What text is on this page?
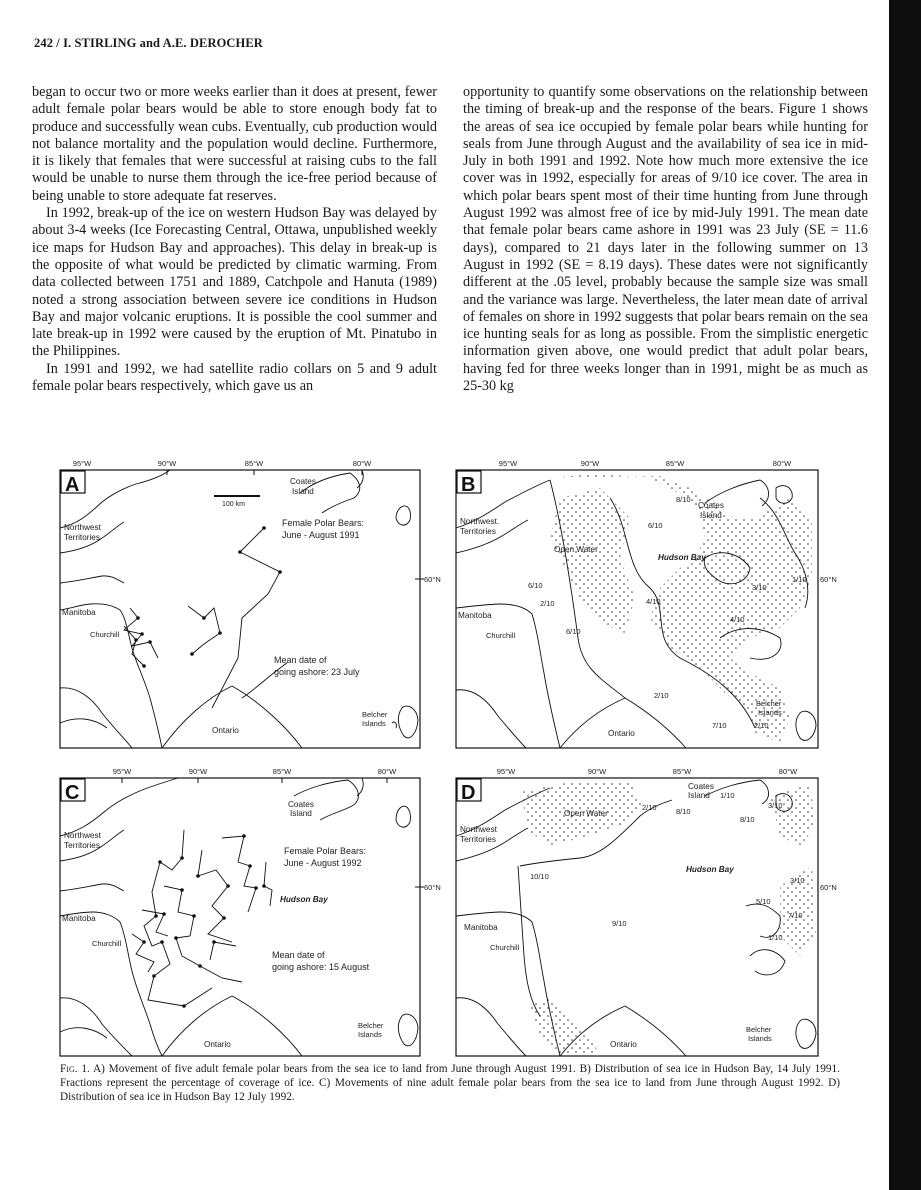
242 / I. STIRLING and A.E. DEROCHER

began to occur two or more weeks earlier than it does at present, fewer adult female polar bears would be able to store enough body fat to produce and successfully wean cubs. Eventually, cub production would not balance mortality and the population would decline. Furthermore, it is likely that females that were successful at raising cubs to the fall would be unable to nurse them through the ice-free period because of being unable to store adequate fat reserves.

In 1992, break-up of the ice on western Hudson Bay was delayed by about 3-4 weeks (Ice Forecasting Central, Ottawa, unpublished weekly ice maps for Hudson Bay and approaches). This delay in break-up is the opposite of what would be predicted by climatic warming. From data collected between 1751 and 1889, Catchpole and Hanuta (1989) noted a strong association between severe ice conditions in Hudson Bay and major volcanic eruptions. It is possible the cool summer and late break-up in 1992 were caused by the eruption of Mt. Pinatubo in the Philippines.

In 1991 and 1992, we had satellite radio collars on 5 and 9 adult female polar bears respectively, which gave us an

opportunity to quantify some observations on the relationship between the timing of break-up and the response of the bears. Figure 1 shows the areas of sea ice occupied by female polar bears while hunting for seals from June through August and the availability of sea ice in mid-July in both 1991 and 1992. Note how much more extensive the ice cover was in 1992, especially for areas of 9/10 ice cover. The area in which polar bears spent most of their time hunting from June through August 1992 was almost free of ice by mid-July 1991. The mean date that female polar bears came ashore in 1991 was 23 July (SE = 11.6 days), compared to 21 days later in the following summer on 13 August in 1992 (SE = 8.19 days). These dates were not significantly different at the .05 level, probably because the sample size was small and the variance was large. Nevertheless, the later mean date of arrival of females on shore in 1992 suggests that polar bears remain on the sea ice hunting seals for as long as possible. From the simplistic energetic information given above, one would predict that adult polar bears, having fed for three weeks longer than in 1991, might be as much as 25-30 kg

95°W	90°W	85°W	80°W
60°N
A	Coates
Island
Northwest
Territories
Manitoba
Churchill
Ontario
Belcher
Islands
100 km
Female Polar Bears:
June - August 1991
Mean date of
going ashore: 23 July
95°W	90°W	85°W	80°W
60°N
B
Coates
Island
Northwest.
Territories
Manitoba
Churchill
Ontario
Belcher
Islands
Hudson Bay
Open Water
8/10
6/10
3/10
1/10
6/10
2/10	4/10
4/10
6/10
2/10
7/10	2/10
95°W	90°W	85°W	80°W
60°N
C
Coates
Island
Northwest
Territories
Manitoba
Churchill
Ontario
Belcher
Islands
Hudson Bay
Female Polar Bears:
June - August 1992
Mean date of
going ashore: 15 August
95°W	90°W	85°W	80°W
60°N
D	Coates
Island
Northwest
Territories
Manitoba
Churchill
Ontario
Belcher
Islands
Hudson Bay
Open Water
1/10
2/10	8/10
3/10
8/10
10/10
9/10
3/10
5/10
7/10
1/10
Fig. 1. A) Movement of five adult female polar bears from the sea ice to land from June through August 1991. B) Distribution of sea ice in Hudson Bay, 14 July 1991. Fractions represent the percentage of coverage of ice. C) Movements of nine adult female polar bears from the sea ice to land from June through August 1992. D) Distribution of sea ice in Hudson Bay 12 July 1992.
